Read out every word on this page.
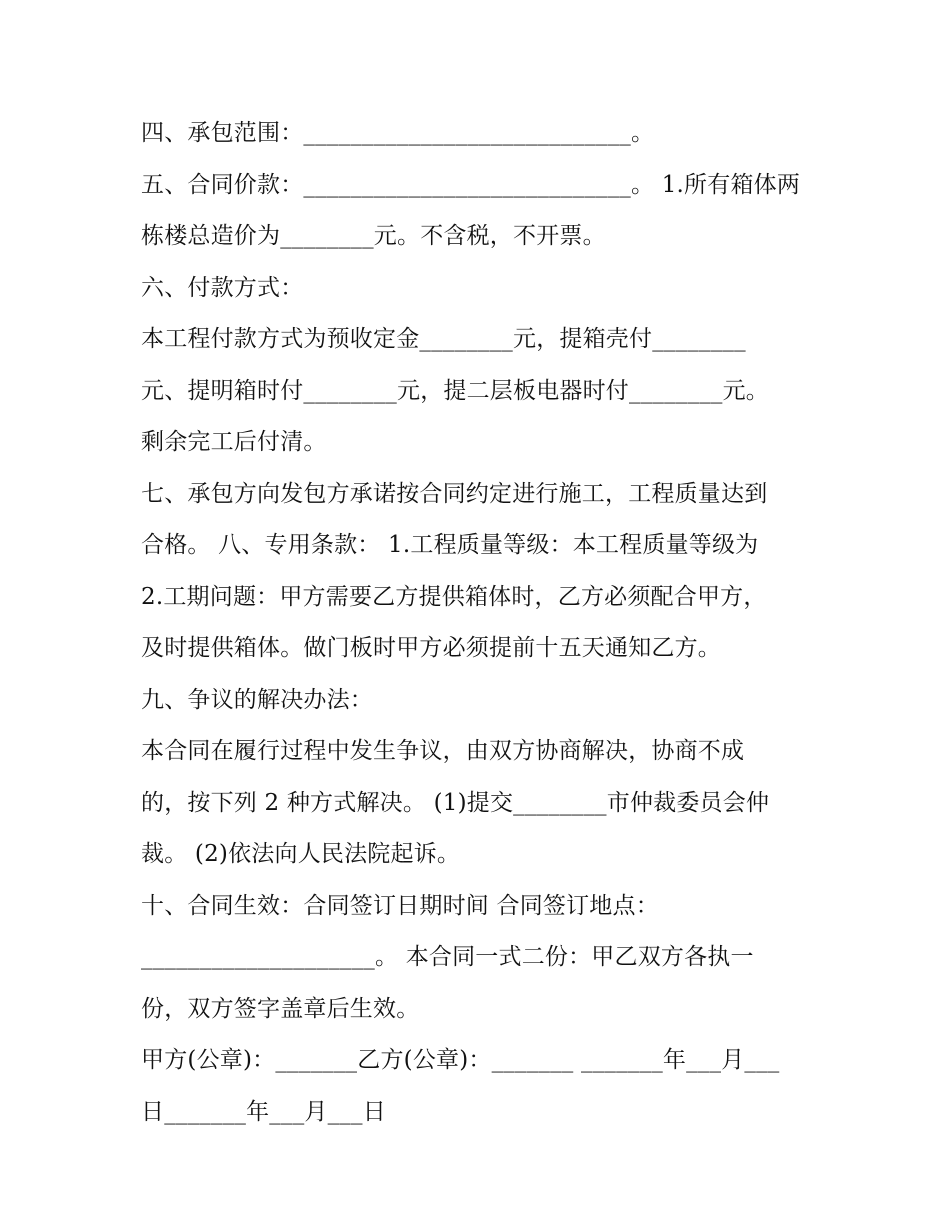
四、承包范围：____________________________。
五、合同价款：____________________________。 1.所有箱体两
栋楼总造价为________元。不含税，不开票。
六、付款方式：
本工程付款方式为预收定金________元，提箱壳付________
元、提明箱时付________元，提二层板电器时付________元。
剩余完工后付清。
七、承包方向发包方承诺按合同约定进行施工，工程质量达到
合格。 八、专用条款： 1.工程质量等级：本工程质量等级为
2.工期问题：甲方需要乙方提供箱体时，乙方必须配合甲方，
及时提供箱体。做门板时甲方必须提前十五天通知乙方。
九、争议的解决办法：
本合同在履行过程中发生争议，由双方协商解决，协商不成
的，按下列 2 种方式解决。 (1)提交________市仲裁委员会仲
裁。 (2)依法向人民法院起诉。
十、合同生效：合同签订日期时间 合同签订地点：
____________________。 本合同一式二份：甲乙双方各执一
份，双方签字盖章后生效。
甲方(公章)：_______乙方(公章)：_______ _______年___月___
日_______年___月___日
